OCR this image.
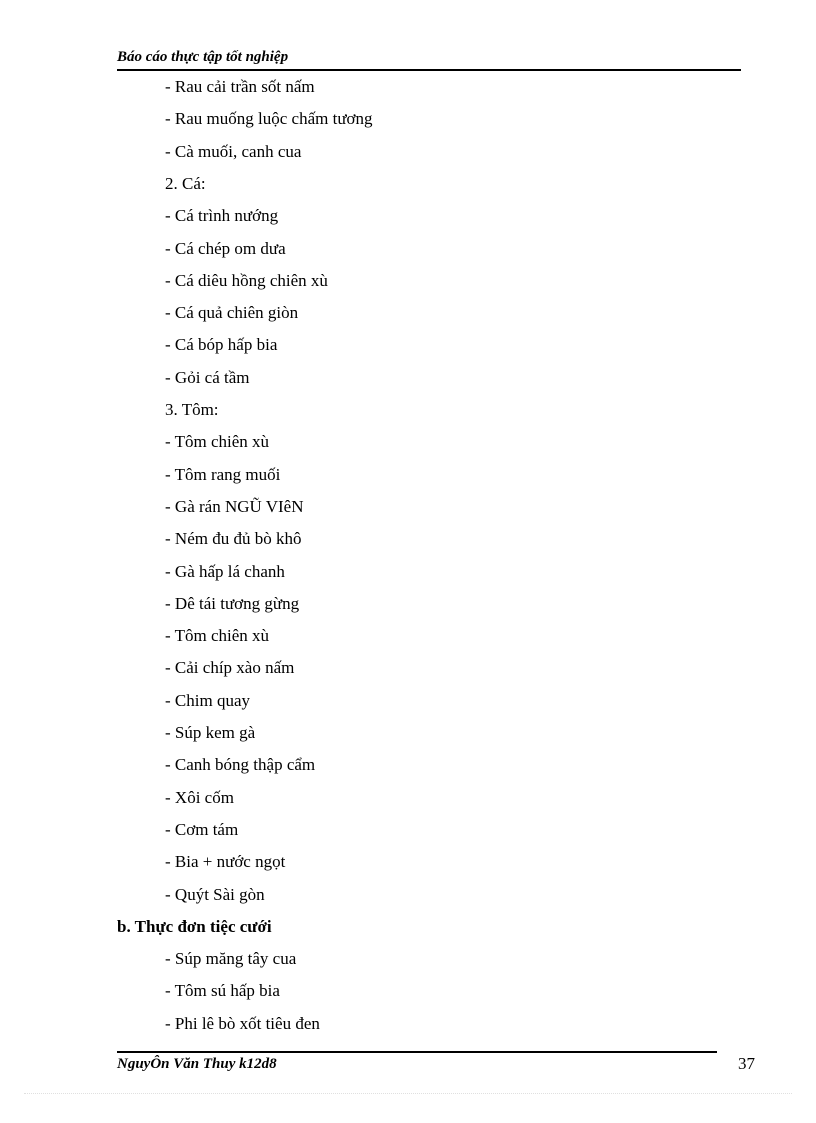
Báo cáo thực tập tốt nghiệp
- Rau cải trần sốt nấm
- Rau muống luộc chấm tương
- Cà muối, canh cua
2. Cá:
- Cá trình nướng
- Cá chép om dưa
- Cá diêu hồng chiên xù
- Cá quả chiên giòn
- Cá bóp hấp bia
- Gỏi cá tầm
3. Tôm:
- Tôm chiên xù
- Tôm rang muối
- Gà rán NGŨ VIêN
- Ném đu đủ bò khô
- Gà hấp lá chanh
- Dê tái tương gừng
- Tôm chiên xù
- Cải chíp xào nấm
- Chim quay
- Súp kem gà
- Canh bóng thập cẩm
- Xôi cốm
- Cơm tám
- Bia + nước ngọt
- Quýt Sài gòn
b. Thực đơn tiệc cưới
- Súp măng tây cua
- Tôm sú hấp bia
- Phi lê bò xốt tiêu đen
NguyÔn Văn Thuy k12d8	37
